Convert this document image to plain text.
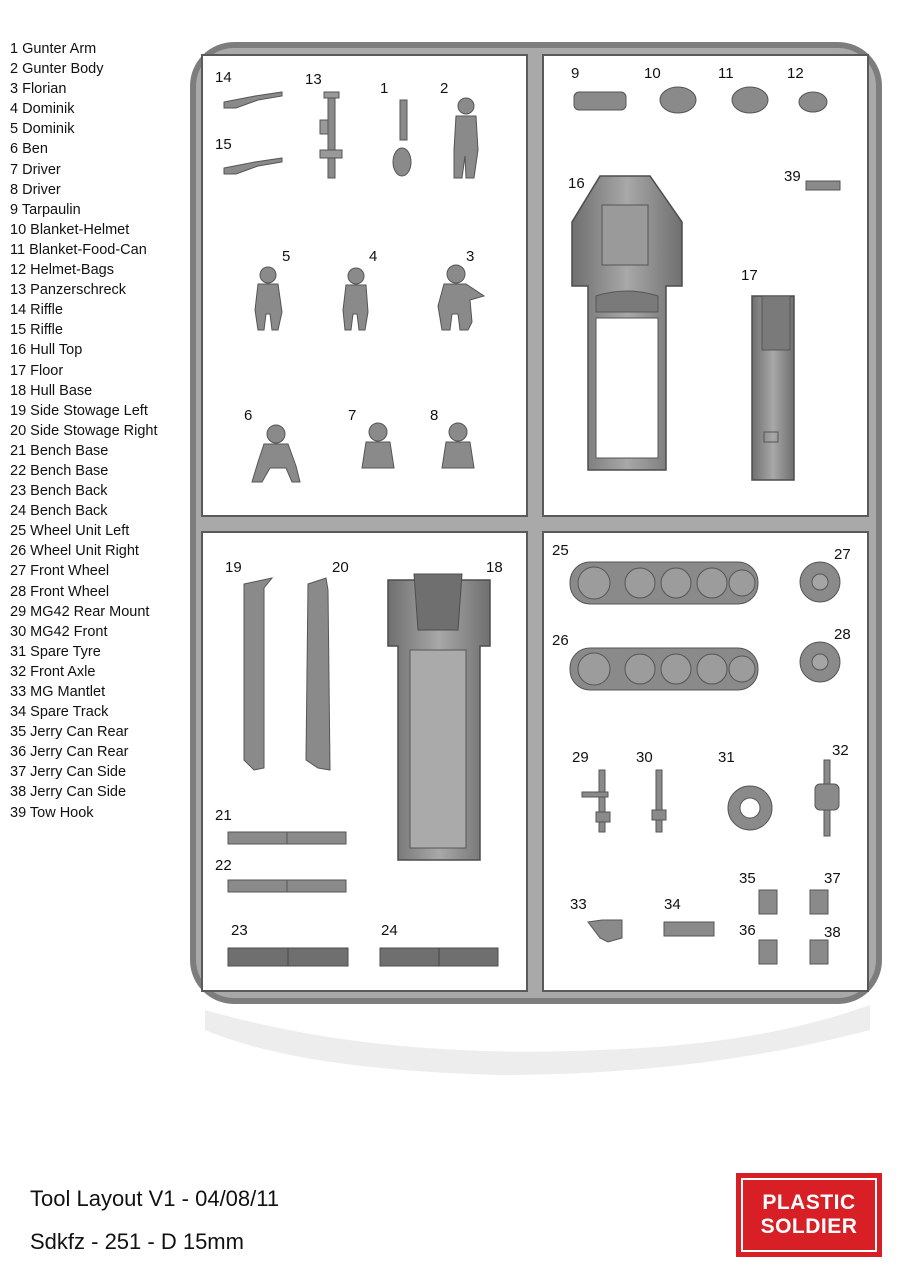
1 Gunter Arm
2 Gunter Body
3 Florian
4 Dominik
5 Dominik
6 Ben
7 Driver
8 Driver
9 Tarpaulin
10 Blanket-Helmet
11 Blanket-Food-Can
12 Helmet-Bags
13 Panzerschreck
14 Riffle
15 Riffle
16 Hull Top
17 Floor
18 Hull Base
19 Side Stowage Left
20 Side Stowage Right
21 Bench Base
22 Bench Base
23 Bench Back
24 Bench Back
25 Wheel Unit Left
26 Wheel Unit Right
27 Front Wheel
28 Front Wheel
29 MG42 Rear Mount
30 MG42 Front
31 Spare Tyre
32 Front Axle
33 MG Mantlet
34 Spare Track
35 Jerry Can Rear
36 Jerry Can Rear
37 Jerry Can Side
38 Jerry Can Side
39 Tow Hook
14	13
1	2
15
5	4	3
6	7	8
9	10	11	12
16	39
17
19	20	18
21
22
23	24
25	27
26	28
29	30	31	32
35	37
33	34
36	38
Tool Layout V1 - 04/08/11
Sdkfz - 251 - D 15mm
PLASTIC
SOLDIER
